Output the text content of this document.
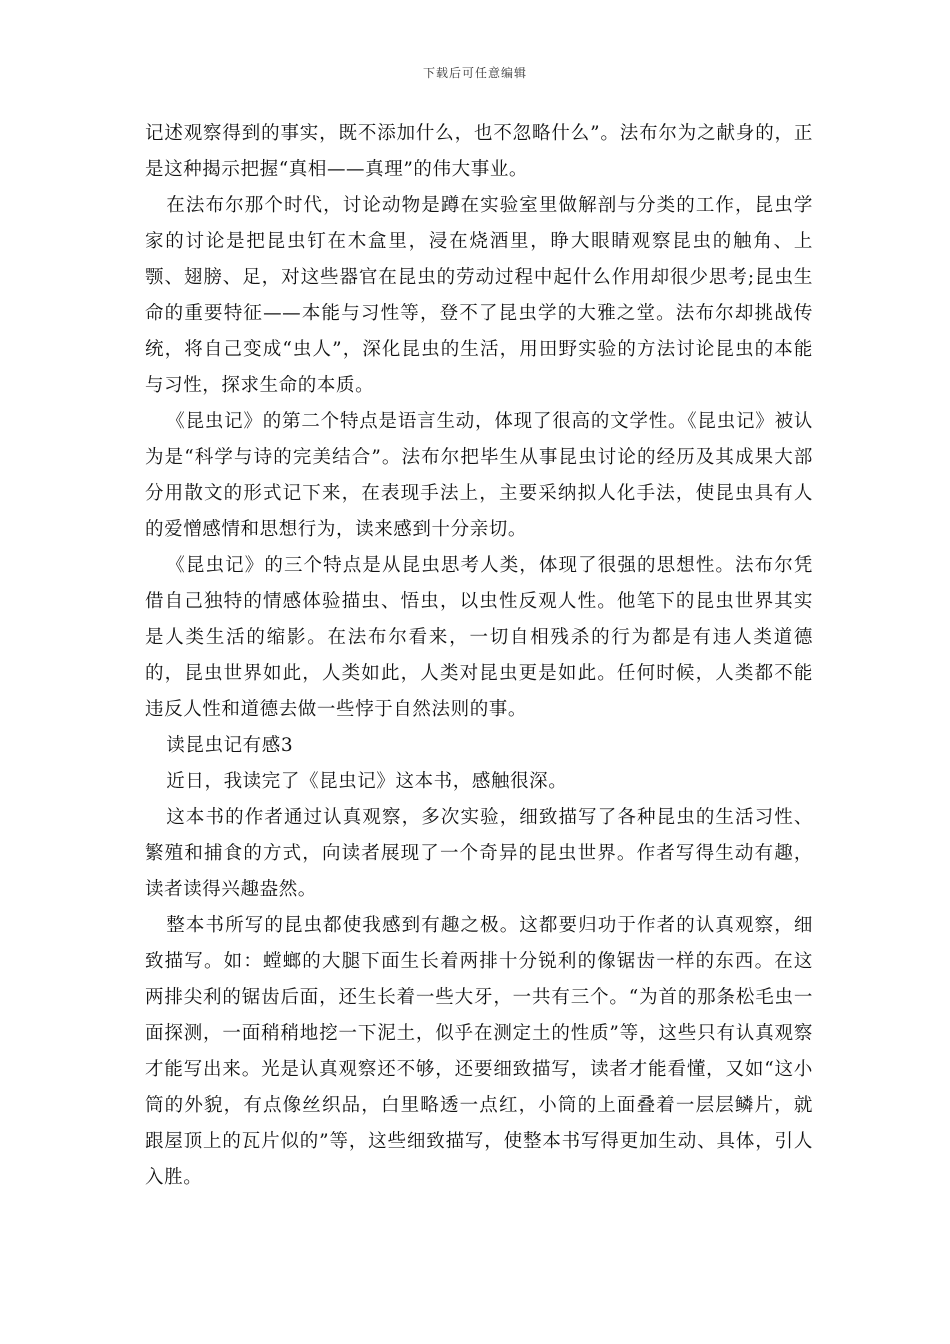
下载后可任意编辑

记述观察得到的事实，既不添加什么，也不忽略什么”。法布尔为之献身的，正是这种揭示把握“真相——真理”的伟大事业。

在法布尔那个时代，讨论动物是蹲在实验室里做解剖与分类的工作，昆虫学家的讨论是把昆虫钉在木盒里，浸在烧酒里，睁大眼睛观察昆虫的触角、上颚、翅膀、足，对这些器官在昆虫的劳动过程中起什么作用却很少思考;昆虫生命的重要特征——本能与习性等，登不了昆虫学的大雅之堂。法布尔却挑战传统，将自己变成“虫人”，深化昆虫的生活，用田野实验的方法讨论昆虫的本能与习性，探求生命的本质。

《昆虫记》的第二个特点是语言生动，体现了很高的文学性。《昆虫记》被认为是“科学与诗的完美结合”。法布尔把毕生从事昆虫讨论的经历及其成果大部分用散文的形式记下来，在表现手法上，主要采纳拟人化手法，使昆虫具有人的爱憎感情和思想行为，读来感到十分亲切。

《昆虫记》的三个特点是从昆虫思考人类，体现了很强的思想性。法布尔凭借自己独特的情感体验描虫、悟虫，以虫性反观人性。他笔下的昆虫世界其实是人类生活的缩影。在法布尔看来，一切自相残杀的行为都是有违人类道德的，昆虫世界如此，人类如此，人类对昆虫更是如此。任何时候，人类都不能违反人性和道德去做一些悖于自然法则的事。

读昆虫记有感3

近日，我读完了《昆虫记》这本书，感触很深。

这本书的作者通过认真观察，多次实验，细致描写了各种昆虫的生活习性、繁殖和捕食的方式，向读者展现了一个奇异的昆虫世界。作者写得生动有趣，读者读得兴趣盎然。

整本书所写的昆虫都使我感到有趣之极。这都要归功于作者的认真观察，细致描写。如：螳螂的大腿下面生长着两排十分锐利的像锯齿一样的东西。在这两排尖利的锯齿后面，还生长着一些大牙，一共有三个。“为首的那条松毛虫一面探测，一面稍稍地挖一下泥土，似乎在测定土的性质”等，这些只有认真观察才能写出来。光是认真观察还不够，还要细致描写，读者才能看懂，又如“这小筒的外貌，有点像丝织品，白里略透一点红，小筒的上面叠着一层层鳞片，就跟屋顶上的瓦片似的”等，这些细致描写，使整本书写得更加生动、具体，引人入胜。
